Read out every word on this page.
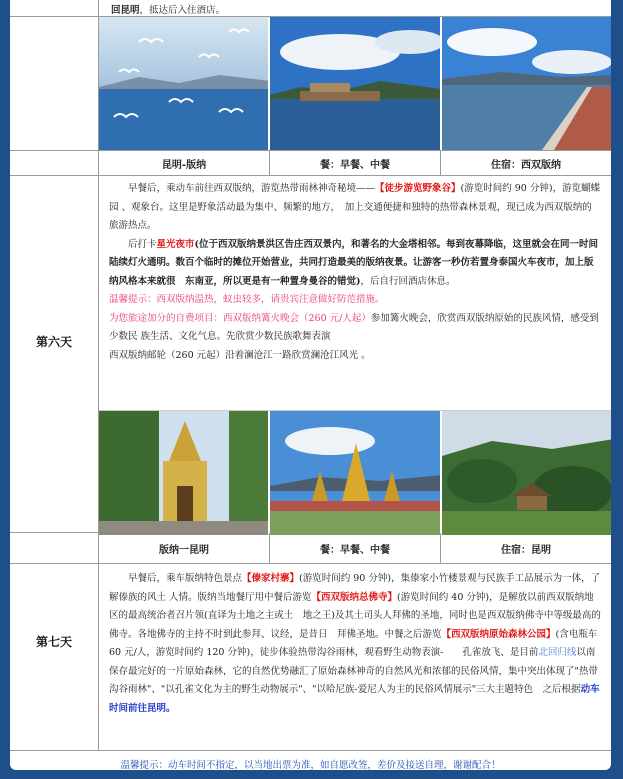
回昆明，抵达后入住酒店。
昆明-版纳	餐：早餐、中餐	住宿：西双版纳
第六天

早餐后，乘动车前往西双版纳，游览热带雨林神奇秘境——【徒步游览野象谷】(游览时间约 90 分钟)，游览蝴蝶园 、观象台。这里是野象活动最为集中、频繁的地方，　加上交通便捷和独特的热带森林景观，现已成为西双版纳的旅游热点。

后打卡星光夜市(位于西双版纳景洪区告庄西双景内，和著名的大金塔相邻。每到夜幕降临，这里就会在同一时间陆续灯火通明。数百个临时的摊位开始营业，共同打造最美的版纳夜景。让游客一秒仿若置身泰国火车夜市，加上版纳风格本来就很　东南亚，所以更是有一种置身曼谷的错觉)，后自行回酒店休息。

温馨提示：西双版纳温热，蚊虫较多，请贵宾注意做好防范措施。

为您旅途加分的自费项目：西双版纳篝火晚会（260 元/人起）参加篝火晚会，欣赏西双版纳原始的民族风情，感受到少数民 族生活、文化气息。先欣赏少数民族歌舞表演

西双版纳邮轮（260 元起）沿着澜沧江一路欣赏澜沧江风光 。

版纳一昆明	餐：早餐、中餐	住宿：昆明
第七天

早餐后，乘车版纳特色景点【傣家村寨】(游览时间约 90 分钟)，集傣家小竹楼景观与民族手工品展示为一体，了解傣族的风土 人情。版纳当地餐厅用中餐后游览【西双版纳总佛寺】(游览时间约 40 分钟)，是解放以前西双版纳地区的最高统治者召片领(直译为土地之主或土　地之王)及其土司头人拜佛的圣地，同时也是西双版纳佛寺中等级最高的佛寺。各地佛寺的主持不时到此参拜、议经，是昔日　拜佛圣地。中餐之后游览【西双版纳原始森林公园】(含电瓶车 60 元/人，游览时间约 120 分钟)，徒步体验热带沟谷雨林，观看野生动物表演-　　孔雀放飞、是目前北回归线以南保存最完好的一片原始森林，它的自然优势融汇了原始森林神奇的自然风光和浓郁的民俗风情，集中突出体现了"热带沟谷雨林"、"以孔雀文化为主的野生动物展示"、"以哈尼族-爱尼人为主的民俗风情展示"三大主题特色　之后根据动车时间前往昆明。

温馨提示：动车时间不指定，以当地出票为准，如自愿改签，差价及接送自理，谢谢配合！
